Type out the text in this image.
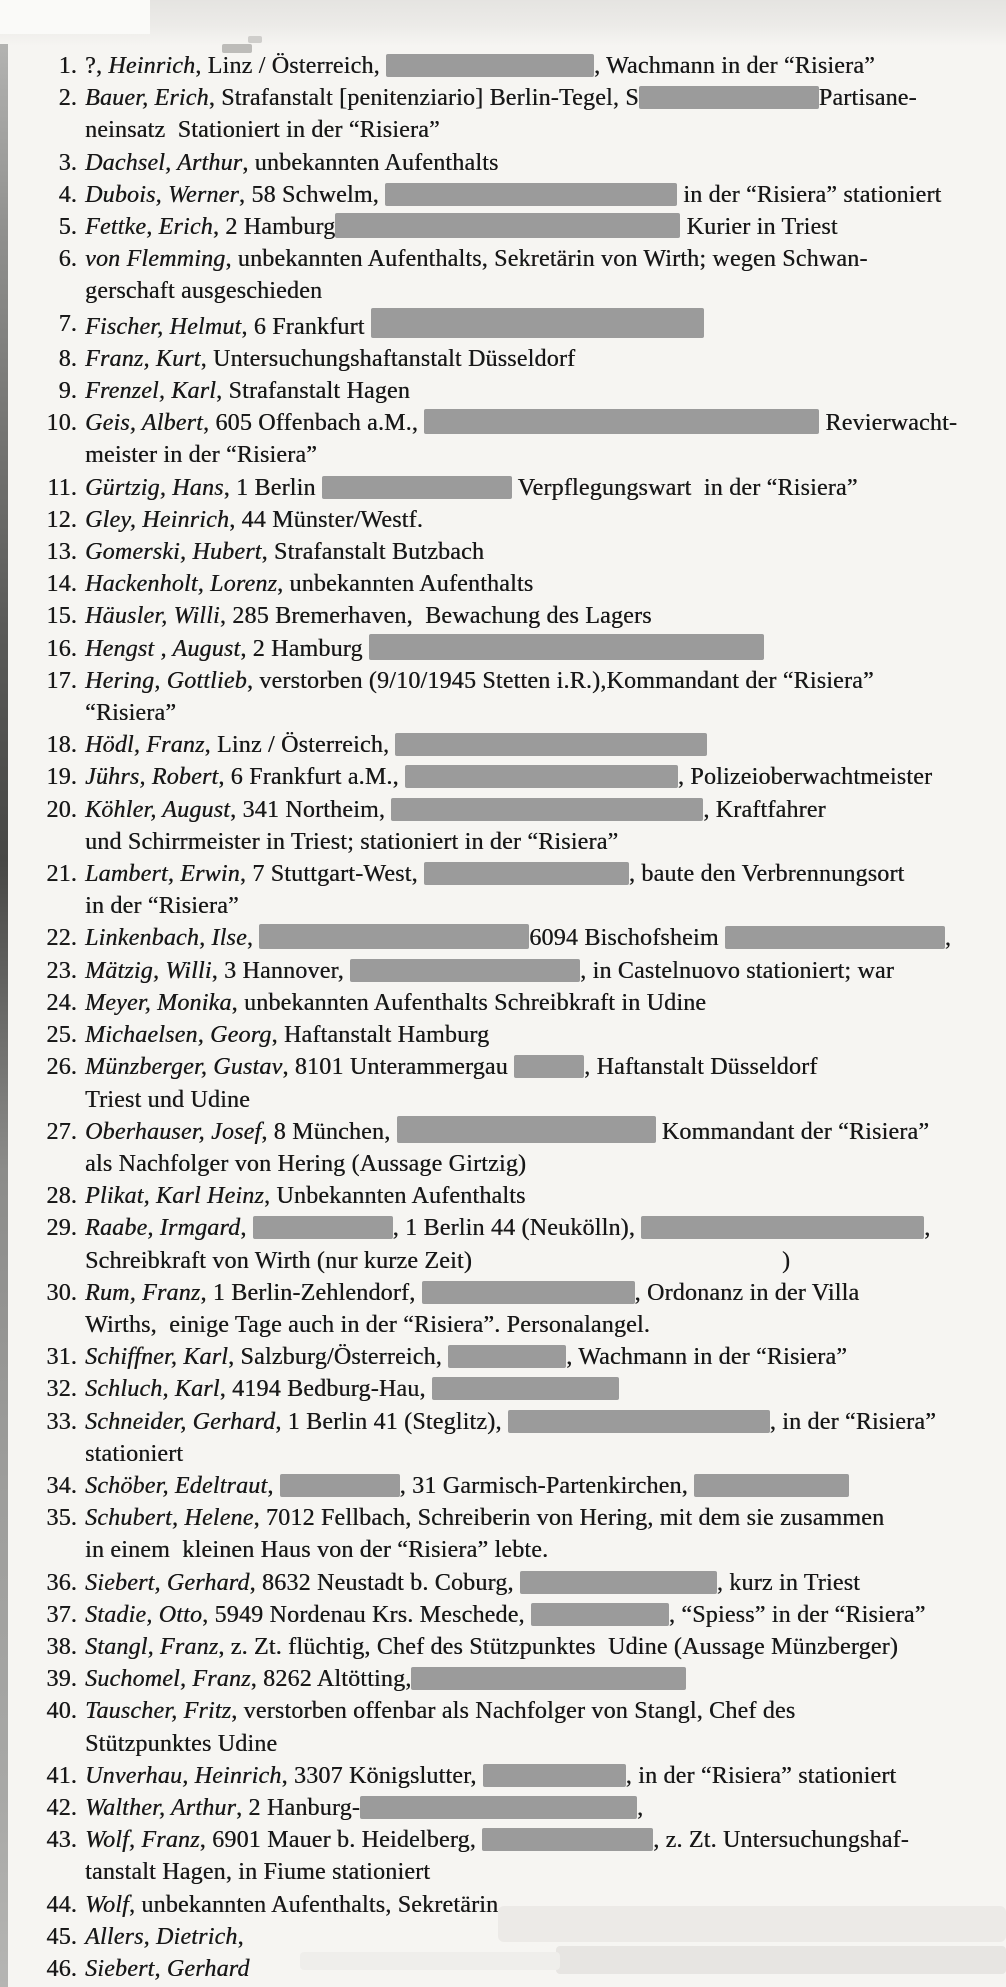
1. ?, Heinrich, Linz / Österreich,	, Wachmann in der “Risiera”
2. Bauer, Erich, Strafanstalt [penitenziario] Berlin-Tegel, S	Partisane-
neinsatz  Stationiert in der “Risiera”
3. Dachsel, Arthur, unbekannten Aufenthalts
4. Dubois, Werner, 58 Schwelm,	in der “Risiera” stationiert
5. Fettke, Erich, 2 Hamburg	Kurier in Triest
6. von Flemming, unbekannten Aufenthalts, Sekretärin von Wirth; wegen Schwan-
gerschaft ausgeschieden
7. Fischer, Helmut, 6 Frankfurt
8. Franz, Kurt, Untersuchungshaftanstalt Düsseldorf
9. Frenzel, Karl, Strafanstalt Hagen
10. Geis, Albert, 605 Offenbach a.M.,	Revierwacht-
meister in der “Risiera”
11. Gürtzig, Hans, 1 Berlin	Verpflegungswart  in der “Risiera”
12. Gley, Heinrich, 44 Münster/Westf.
13. Gomerski, Hubert, Strafanstalt Butzbach
14. Hackenholt, Lorenz, unbekannten Aufenthalts
15. Häusler, Willi, 285 Bremerhaven,  Bewachung des Lagers
16. Hengst , August, 2 Hamburg
17. Hering, Gottlieb, verstorben (9/10/1945 Stetten i.R.),Kommandant der “Risiera”
“Risiera”
18. Hödl, Franz, Linz / Österreich,
19. Jührs, Robert, 6 Frankfurt a.M.,	, Polizeioberwachtmeister
20. Köhler, August, 341 Northeim,	, Kraftfahrer
und Schirrmeister in Triest; stationiert in der “Risiera”
21. Lambert, Erwin, 7 Stuttgart-West,	, baute den Verbrennungsort
in der “Risiera”
22. Linkenbach, Ilse,	6094 Bischofsheim	,
23. Mätzig, Willi, 3 Hannover,	, in Castelnuovo stationiert; war
24. Meyer, Monika, unbekannten Aufenthalts Schreibkraft in Udine
25. Michaelsen, Georg, Haftanstalt Hamburg
26. Münzberger, Gustav, 8101 Unterammergau	, Haftanstalt Düsseldorf
Triest und Udine
27. Oberhauser, Josef, 8 München,	Kommandant der “Risiera”
als Nachfolger von Hering (Aussage Girtzig)
28. Plikat, Karl Heinz, Unbekannten Aufenthalts
29. Raabe, Irmgard,	, 1 Berlin 44 (Neukölln),	,
Schreibkraft von Wirth (nur kurze Zeit)	)
30. Rum, Franz, 1 Berlin-Zehlendorf,	, Ordonanz in der Villa
Wirths,  einige Tage auch in der “Risiera”. Personalangel.
31. Schiffner, Karl, Salzburg/Österreich,	, Wachmann in der “Risiera”
32. Schluch, Karl, 4194 Bedburg-Hau,
33. Schneider, Gerhard, 1 Berlin 41 (Steglitz),	, in der “Risiera”
stationiert
34. Schöber, Edeltraut,	, 31 Garmisch-Partenkirchen,
35. Schubert, Helene, 7012 Fellbach, Schreiberin von Hering, mit dem sie zusammen
in einem  kleinen Haus von der “Risiera” lebte.
36. Siebert, Gerhard, 8632 Neustadt b. Coburg,	, kurz in Triest
37. Stadie, Otto, 5949 Nordenau Krs. Meschede,	, “Spiess” in der “Risiera”
38. Stangl, Franz, z. Zt. flüchtig, Chef des Stützpunktes  Udine (Aussage Münzberger)
39. Suchomel, Franz, 8262 Altötting,
40. Tauscher, Fritz, verstorben offenbar als Nachfolger von Stangl, Chef des
Stützpunktes Udine
41. Unverhau, Heinrich, 3307 Königslutter,	, in der “Risiera” stationiert
42. Walther, Arthur, 2 Hanburg-	,
43. Wolf, Franz, 6901 Mauer b. Heidelberg,	, z. Zt. Untersuchungshaf-
tanstalt Hagen, in Fiume stationiert
44. Wolf, unbekannten Aufenthalts, Sekretärin
45. Allers, Dietrich,
46. Siebert, Gerhard
